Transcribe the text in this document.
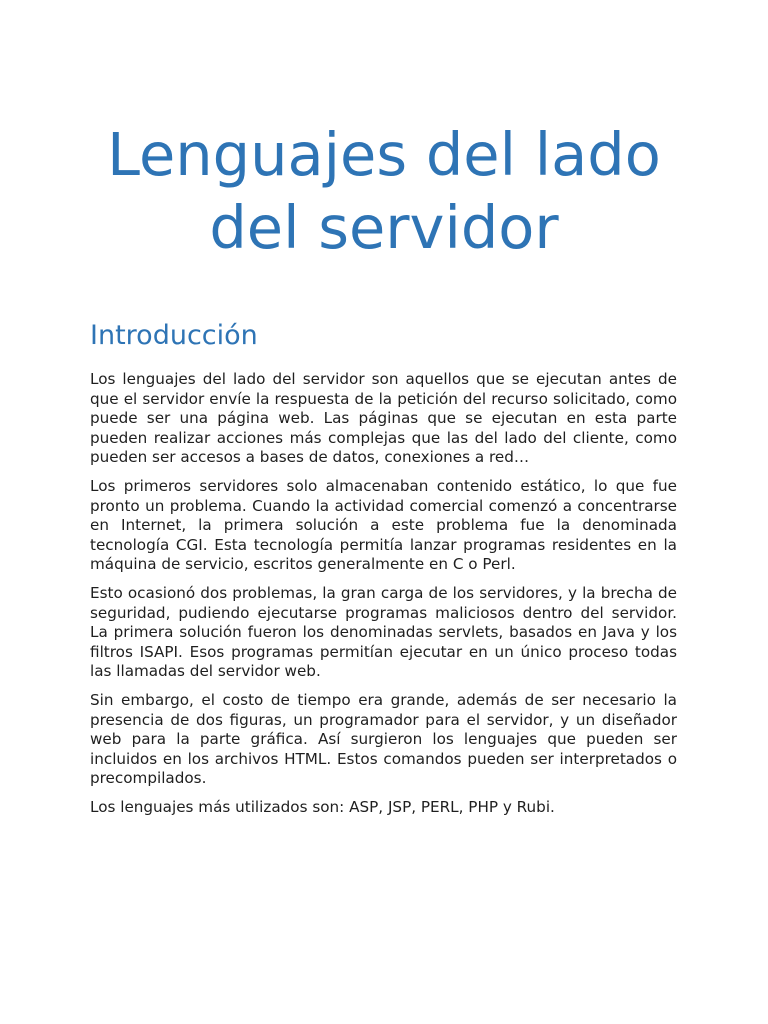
Lenguajes del lado
del servidor
Introducción

Los lenguajes del lado del servidor son aquellos que se ejecutan antes de que el servidor envíe la respuesta de la petición del recurso solicitado, como puede ser una página web. Las páginas que se ejecutan en esta parte pueden realizar acciones más complejas que las del lado del cliente, como pueden ser accesos a bases de datos, conexiones a red…

Los primeros servidores solo almacenaban contenido estático, lo que fue pronto un problema. Cuando la actividad comercial comenzó a concentrarse en Internet, la primera solución a este problema fue la denominada tecnología CGI. Esta tecnología permitía lanzar programas residentes en la máquina de servicio, escritos generalmente en C o Perl.

Esto ocasionó dos problemas, la gran carga de los servidores, y la brecha de seguridad, pudiendo ejecutarse programas maliciosos dentro del servidor. La primera solución fueron los denominadas servlets, basados en Java y los filtros ISAPI. Esos programas permitían ejecutar en un único proceso todas las llamadas del servidor web.

Sin embargo, el costo de tiempo era grande, además de ser necesario la presencia de dos figuras, un programador para el servidor, y un diseñador web para la parte gráfica. Así surgieron los lenguajes que pueden ser incluidos en los archivos HTML. Estos comandos pueden ser interpretados o precompilados.

Los lenguajes más utilizados son: ASP, JSP, PERL, PHP y Rubi.
